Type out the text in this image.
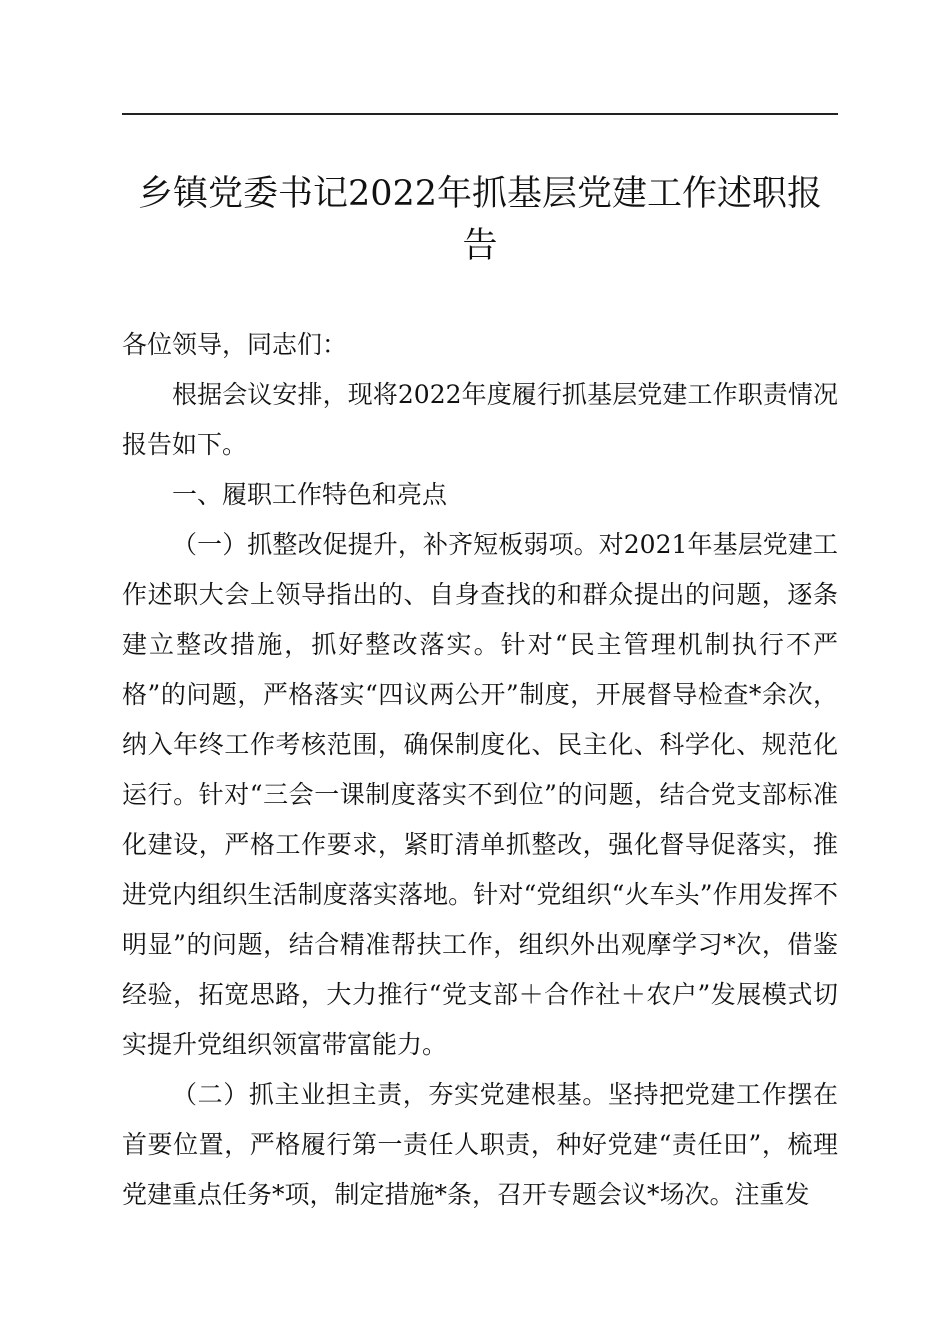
乡镇党委书记2022年抓基层党建工作述职报告

各位领导，同志们：

根据会议安排，现将2022年度履行抓基层党建工作职责情况报告如下。

一、履职工作特色和亮点

（一）抓整改促提升，补齐短板弱项。对2021年基层党建工作述职大会上领导指出的、自身查找的和群众提出的问题，逐条建立整改措施，抓好整改落实。针对“民主管理机制执行不严格”的问题，严格落实“四议两公开”制度，开展督导检查*余次，纳入年终工作考核范围，确保制度化、民主化、科学化、规范化运行。针对“三会一课制度落实不到位”的问题，结合党支部标准化建设，严格工作要求，紧盯清单抓整改，强化督导促落实，推进党内组织生活制度落实落地。针对“党组织“火车头”作用发挥不明显”的问题，结合精准帮扶工作，组织外出观摩学习*次，借鉴经验，拓宽思路，大力推行“党支部＋合作社＋农户”发展模式切实提升党组织领富带富能力。

（二）抓主业担主责，夯实党建根基。坚持把党建工作摆在首要位置，严格履行第一责任人职责，种好党建“责任田”，梳理党建重点任务*项，制定措施*条，召开专题会议*场次。注重发
